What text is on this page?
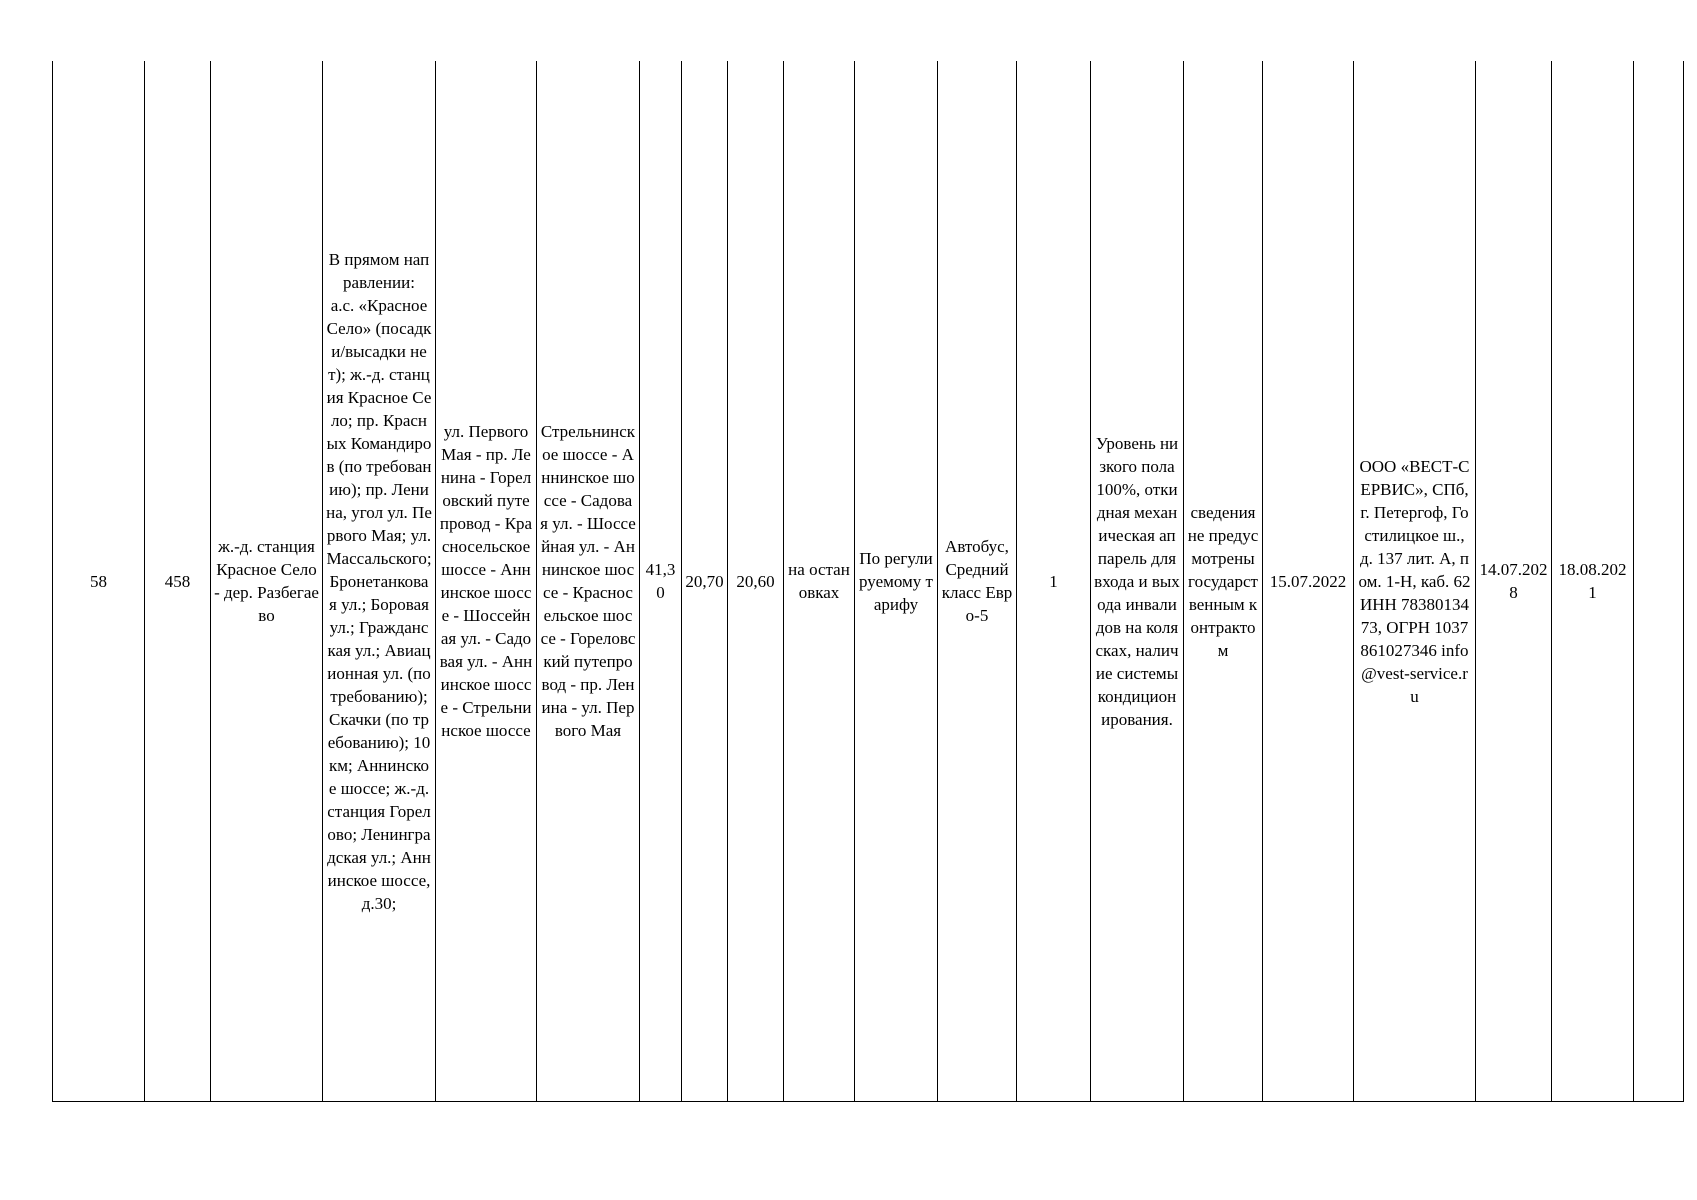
58	458	ж.-д. станция Красное Село - дер. Разбегаево	В прямом направлении:
а.с. «Красное Село» (посадки/высадки нет); ж.-д. станция Красное Село; пр. Красных Командиров (по требованию); пр. Ленина, угол ул. Первого Мая; ул. Массальского; Бронетанковая ул.; Боровая ул.; Гражданская ул.; Авиационная ул. (по требованию); Скачки (по требованию); 10 км; Аннинское шоссе; ж.-д. станция Горелово; Ленинградская ул.; Аннинское шоссе, д.30;	ул. Первого Мая - пр. Ленина - Гореловский путепровод - Красносельское шоссе - Аннинское шоссе - Шоссейная ул. - Садовая ул. - Аннинское шоссе - Стрельнинское шоссе	Стрельнинское шоссе - Аннинское шоссе - Садовая ул. - Шоссейная ул. - Аннинское шоссе - Красносельское шоссе - Гореловский путепровод - пр. Ленина - ул. Первого Мая	41,30	20,70	20,60	на остановках	По регулируемому тарифу	Автобус, Средний класс Евро-5	1	Уровень низкого пола 100%, откидная механическая аппарель для входа и выхода инвалидов на колясках, наличие системы кондиционирования.	сведения не предусмотрены государственным контрактом	15.07.2022	ООО «ВЕСТ-СЕРВИС», СПб, г. Петергоф, Гостилицкое ш., д. 137 лит. А, пом. 1-Н, каб. 62 ИНН 7838013473, ОГРН 1037861027346 info@vest-service.ru	14.07.2028	18.08.2021	
